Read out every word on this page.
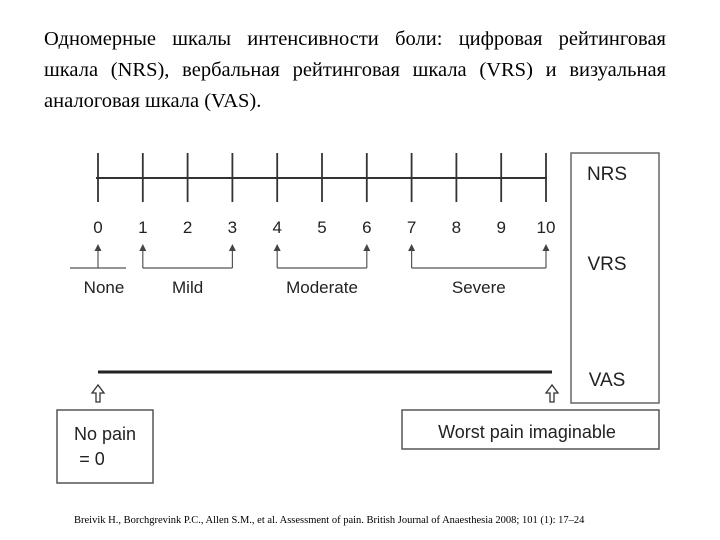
Одномерные шкалы интенсивности боли: цифровая рейтинговая шкала (NRS), вербальная рейтинговая шкала (VRS) и визуальная аналоговая шкала (VAS).

NRS
VRS
VAS
0 1 2 3 4 5 6 7 8 9 10
None	Mild	Moderate	Severe
No pain
= 0
Worst pain imaginable
Breivik H., Borchgrevink P.C., Allen S.M., et al. Assessment of pain. British Journal of Anaesthesia 2008; 101 (1): 17–24
